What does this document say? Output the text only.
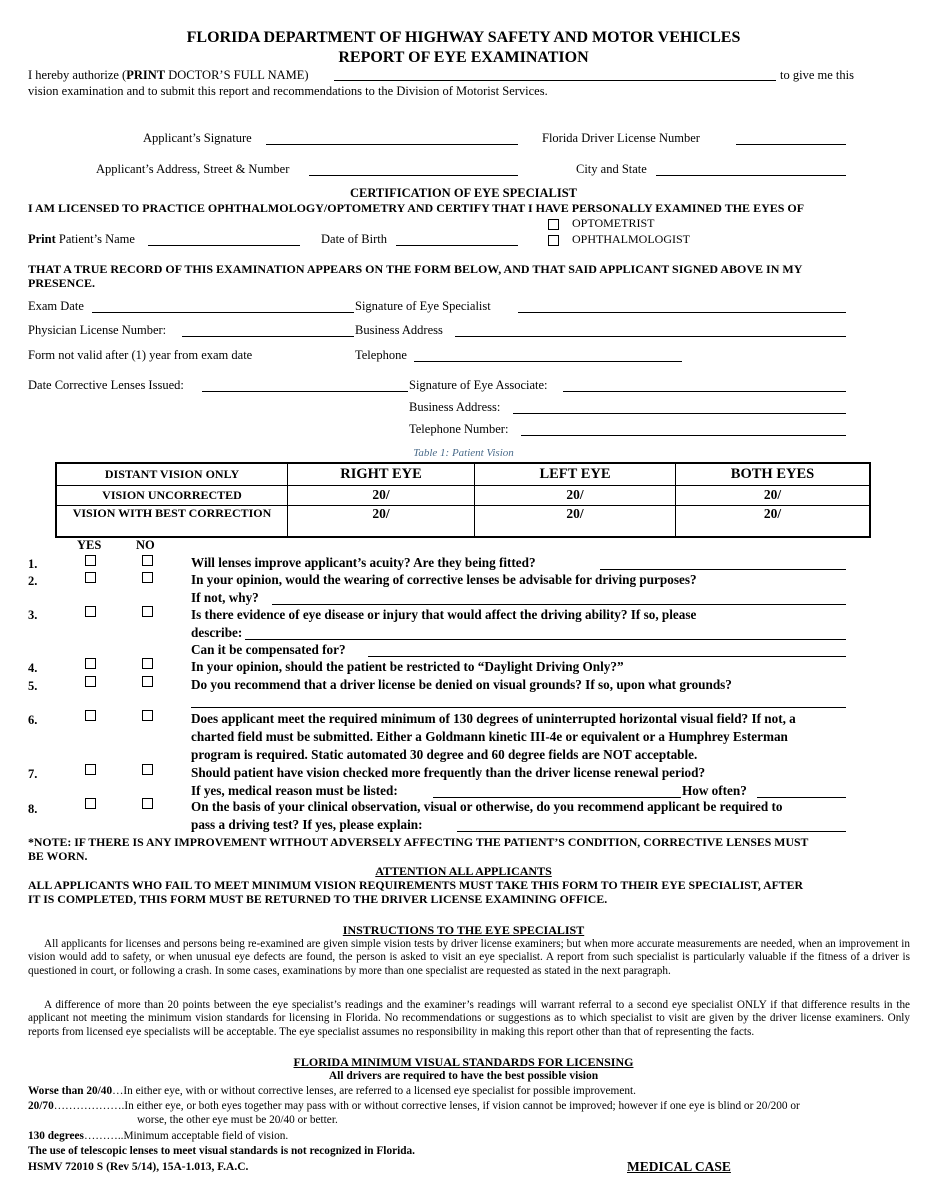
FLORIDA DEPARTMENT OF HIGHWAY SAFETY AND MOTOR VEHICLES
REPORT OF EYE EXAMINATION
I hereby authorize (PRINT DOCTOR’S FULL NAME)	to give me this
vision examination and to submit this report and recommendations to the Division of Motorist Services.
Applicant’s Signature	Florida Driver License Number
Applicant’s Address, Street & Number	City and State
CERTIFICATION OF EYE SPECIALIST
I AM LICENSED TO PRACTICE OPHTHALMOLOGY/OPTOMETRY AND CERTIFY THAT I HAVE PERSONALLY EXAMINED THE EYES OF
OPTOMETRIST
OPHTHALMOLOGIST
Print Patient’s Name	Date of Birth
THAT A TRUE RECORD OF THIS EXAMINATION APPEARS ON THE FORM BELOW, AND THAT SAID APPLICANT SIGNED ABOVE IN MY
PRESENCE.
Exam Date	Signature of Eye Specialist
Physician License Number:	Business Address
Form not valid after (1) year from exam date	Telephone
Date Corrective Lenses Issued:	Signature of Eye Associate:
Business Address:
Telephone Number:
Table 1: Patient Vision
DISTANT VISION ONLY	RIGHT EYE	LEFT EYE	BOTH EYES
VISION UNCORRECTED	20/	20/	20/
VISION WITH BEST CORRECTION	20/	20/	20/
YES	NO
1.	Will lenses improve applicant’s acuity? Are they being fitted?
2.	In your opinion, would the wearing of corrective lenses be advisable for driving purposes?
If not, why?
3.	Is there evidence of eye disease or injury that would affect the driving ability? If so, please
describe:
Can it be compensated for?
4.	In your opinion, should the patient be restricted to “Daylight Driving Only?”
5.	Do you recommend that a driver license be denied on visual grounds? If so, upon what grounds?
6.	Does applicant meet the required minimum of 130 degrees of uninterrupted horizontal visual field? If not, a
charted field must be submitted. Either a Goldmann kinetic III-4e or equivalent or a Humphrey Esterman
program is required. Static automated 30 degree and 60 degree fields are NOT acceptable.
7.	Should patient have vision checked more frequently than the driver license renewal period?
If yes, medical reason must be listed:	How often?
8.	On the basis of your clinical observation, visual or otherwise, do you recommend applicant be required to
pass a driving test? If yes, please explain:
*NOTE: IF THERE IS ANY IMPROVEMENT WITHOUT ADVERSELY AFFECTING THE PATIENT’S CONDITION, CORRECTIVE LENSES MUST
BE WORN.
ATTENTION ALL APPLICANTS
ALL APPLICANTS WHO FAIL TO MEET MINIMUM VISION REQUIREMENTS MUST TAKE THIS FORM TO THEIR EYE SPECIALIST, AFTER
IT IS COMPLETED, THIS FORM MUST BE RETURNED TO THE DRIVER LICENSE EXAMINING OFFICE.
INSTRUCTIONS TO THE EYE SPECIALIST
All applicants for licenses and persons being re-examined are given simple vision tests by driver license examiners; but when more accurate measurements are needed, when an improvement in vision would add to safety, or when unusual eye defects are found, the person is asked to visit an eye specialist. A report from such specialist is particularly valuable if the fitness of a driver is questioned in court, or following a crash. In some cases, examinations by more than one specialist are requested as stated in the next paragraph.
A difference of more than 20 points between the eye specialist’s readings and the examiner’s readings will warrant referral to a second eye specialist ONLY if that difference results in the applicant not meeting the minimum vision standards for licensing in Florida. No recommendations or suggestions as to which specialist to visit are given by the driver license examiners. Only reports from licensed eye specialists will be acceptable. The eye specialist assumes no responsibility in making this report other than that of representing the facts.
FLORIDA MINIMUM VISUAL STANDARDS FOR LICENSING
All drivers are required to have the best possible vision
Worse than 20/40…In either eye, with or without corrective lenses, are referred to a licensed eye specialist for possible improvement.
20/70……………….In either eye, or both eyes together may pass with or without corrective lenses, if vision cannot be improved; however if one eye is blind or 20/200 or
worse, the other eye must be 20/40 or better.
130 degrees………..Minimum acceptable field of vision.
The use of telescopic lenses to meet visual standards is not recognized in Florida.
HSMV 72010 S (Rev 5/14), 15A-1.013, F.A.C.	MEDICAL CASE
